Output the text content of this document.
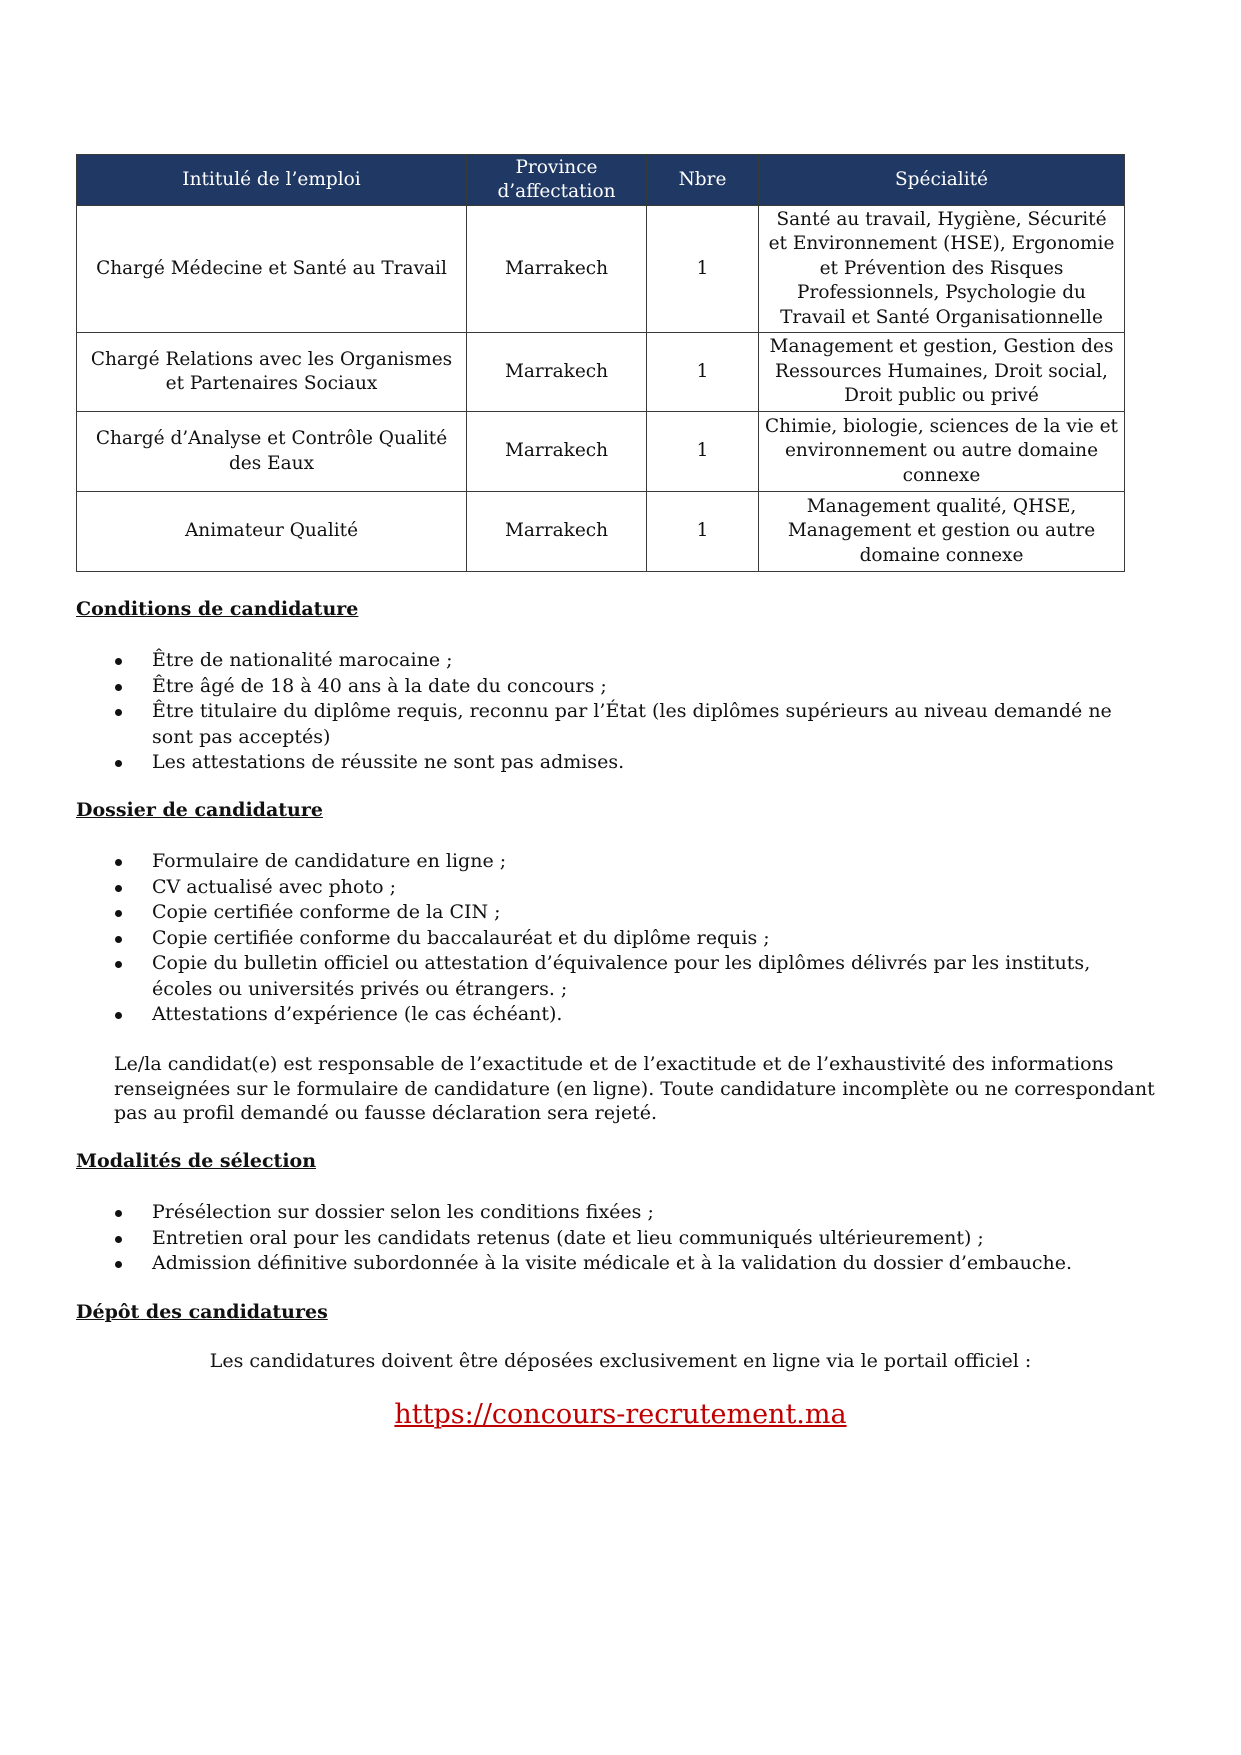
Intitulé de l’emploi	Province d’affectation	Nbre	Spécialité
Chargé Médecine et Santé au Travail	Marrakech	1	Santé au travail, Hygiène, Sécurité et Environnement (HSE), Ergonomie et Prévention des Risques Professionnels, Psychologie du Travail et Santé Organisationnelle
Chargé Relations avec les Organismes et Partenaires Sociaux	Marrakech	1	Management et gestion, Gestion des Ressources Humaines, Droit social, Droit public ou privé
Chargé d’Analyse et Contrôle Qualité des Eaux	Marrakech	1	Chimie, biologie, sciences de la vie et environnement ou autre domaine connexe
Animateur Qualité	Marrakech	1	Management qualité, QHSE, Management et gestion ou autre domaine connexe

Conditions de candidature

Être de nationalité marocaine ;
Être âgé de 18 à 40 ans à la date du concours ;
Être titulaire du diplôme requis, reconnu par l’État (les diplômes supérieurs au niveau demandé ne sont pas acceptés)
Les attestations de réussite ne sont pas admises.

Dossier de candidature

Formulaire de candidature en ligne ;
CV actualisé avec photo ;
Copie certifiée conforme de la CIN ;
Copie certifiée conforme du baccalauréat et du diplôme requis ;
Copie du bulletin officiel ou attestation d’équivalence pour les diplômes délivrés par les instituts, écoles ou universités privés ou étrangers. ;
Attestations d’expérience (le cas échéant).

Le/la candidat(e) est responsable de l’exactitude et de l’exactitude et de l’exhaustivité des informations renseignées sur le formulaire de candidature (en ligne). Toute candidature incomplète ou ne correspondant pas au profil demandé ou fausse déclaration sera rejeté.

Modalités de sélection

Présélection sur dossier selon les conditions fixées ;
Entretien oral pour les candidats retenus (date et lieu communiqués ultérieurement) ;
Admission définitive subordonnée à la visite médicale et à la validation du dossier d’embauche.

Dépôt des candidatures

Les candidatures doivent être déposées exclusivement en ligne via le portail officiel :

https://concours-recrutement.ma
